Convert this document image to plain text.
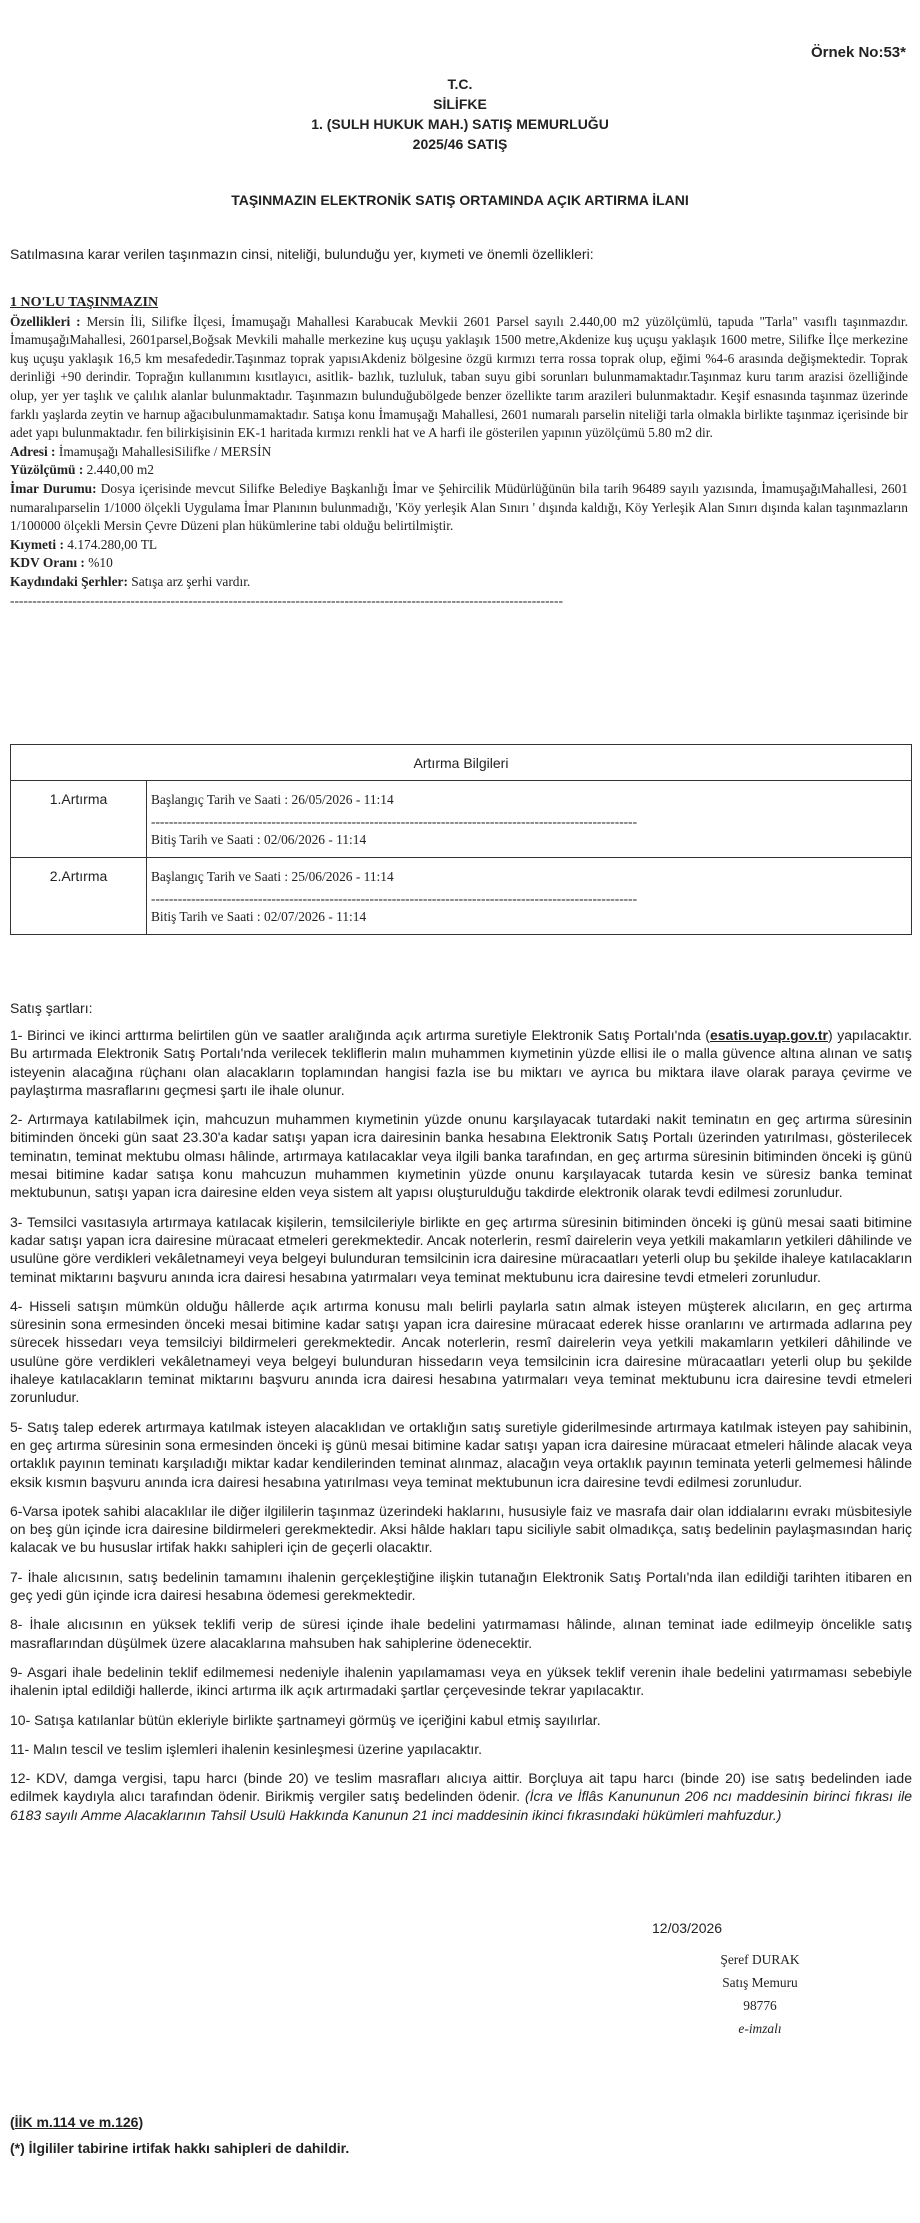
Örnek No:53*
T.C.
SİLİFKE
1. (SULH HUKUK MAH.) SATIŞ MEMURLUĞU
2025/46 SATIŞ
TAŞINMAZIN ELEKTRONİK SATIŞ ORTAMINDA AÇIK ARTIRMA İLANI
Satılmasına karar verilen taşınmazın cinsi, niteliği, bulunduğu yer, kıymeti ve önemli özellikleri:
1 NO'LU TAŞINMAZIN
Özellikleri : Mersin İli, Silifke İlçesi, İmamuşağı Mahallesi Karabucak Mevkii 2601 Parsel sayılı 2.440,00 m2 yüzölçümlü, tapuda "Tarla" vasıflı taşınmazdır. İmamuşağıMahallesi, 2601parsel,Boğsak Mevkili mahalle merkezine kuş uçuşu yaklaşık 1500 metre,Akdenize kuş uçuşu yaklaşık 1600 metre, Silifke İlçe merkezine kuş uçuşu yaklaşık 16,5 km mesafededir.Taşınmaz toprak yapısıAkdeniz bölgesine özgü kırmızı terra rossa toprak olup, eğimi %4-6 arasında değişmektedir. Toprak derinliği +90 derindir. Toprağın kullanımını kısıtlayıcı, asitlik- bazlık, tuzluluk, taban suyu gibi sorunları bulunmamaktadır.Taşınmaz kuru tarım arazisi özelliğinde olup, yer yer taşlık ve çalılık alanlar bulunmaktadır. Taşınmazın bulunduğubölgede benzer özellikte tarım arazileri bulunmaktadır. Keşif esnasında taşınmaz üzerinde farklı yaşlarda zeytin ve harnup ağacıbulunmamaktadır. Satışa konu İmamuşağı Mahallesi, 2601 numaralı parselin niteliği tarla olmakla birlikte taşınmaz içerisinde bir adet yapı bulunmaktadır. fen bilirkişisinin EK-1 haritada kırmızı renkli hat ve A harfi ile gösterilen yapının yüzölçümü 5.80 m2 dir.
Adresi : İmamuşağı MahallesiSilifke / MERSİN
Yüzölçümü : 2.440,00 m2
İmar Durumu: Dosya içerisinde mevcut Silifke Belediye Başkanlığı İmar ve Şehircilik Müdürlüğünün bila tarih 96489 sayılı yazısında, İmamuşağıMahallesi, 2601 numaralıparselin 1/1000 ölçekli Uygulama İmar Planının bulunmadığı, 'Köy yerleşik Alan Sınırı ' dışında kaldığı, Köy Yerleşik Alan Sınırı dışında kalan taşınmazların 1/100000 ölçekli Mersin Çevre Düzeni plan hükümlerine tabi olduğu belirtilmiştir.
Kıymeti : 4.174.280,00 TL
KDV Oranı : %10
Kaydındaki Şerhler: Satışa arz şerhi vardır.
----------------------------------------------------------------------------------------------------------------------------
Artırma Bilgileri	
1.Artırma	Başlangıç Tarih ve Saati : 26/05/2026 - 11:14
-------------------------------------------------------------------------------------------------------------
Bitiş Tarih ve Saati : 02/06/2026 - 11:14

2.Artırma	Başlangıç Tarih ve Saati : 25/06/2026 - 11:14
-------------------------------------------------------------------------------------------------------------
Bitiş Tarih ve Saati : 02/07/2026 - 11:14
Satış şartları:

1- Birinci ve ikinci arttırma belirtilen gün ve saatler aralığında açık artırma suretiyle Elektronik Satış Portalı'nda (esatis.uyap.gov.tr) yapılacaktır. Bu artırmada Elektronik Satış Portalı'nda verilecek tekliflerin malın muhammen kıymetinin yüzde ellisi ile o malla güvence altına alınan ve satış isteyenin alacağına rüçhanı olan alacakların toplamından hangisi fazla ise bu miktarı ve ayrıca bu miktara ilave olarak paraya çevirme ve paylaştırma masraflarını geçmesi şartı ile ihale olunur.

2- Artırmaya katılabilmek için, mahcuzun muhammen kıymetinin yüzde onunu karşılayacak tutardaki nakit teminatın en geç artırma süresinin bitiminden önceki gün saat 23.30'a kadar satışı yapan icra dairesinin banka hesabına Elektronik Satış Portalı üzerinden yatırılması, gösterilecek teminatın, teminat mektubu olması hâlinde, artırmaya katılacaklar veya ilgili banka tarafından, en geç artırma süresinin bitiminden önceki iş günü mesai bitimine kadar satışa konu mahcuzun muhammen kıymetinin yüzde onunu karşılayacak tutarda kesin ve süresiz banka teminat mektubunun, satışı yapan icra dairesine elden veya sistem alt yapısı oluşturulduğu takdirde elektronik olarak tevdi edilmesi zorunludur.

3- Temsilci vasıtasıyla artırmaya katılacak kişilerin, temsilcileriyle birlikte en geç artırma süresinin bitiminden önceki iş günü mesai saati bitimine kadar satışı yapan icra dairesine müracaat etmeleri gerekmektedir. Ancak noterlerin, resmî dairelerin veya yetkili makamların yetkileri dâhilinde ve usulüne göre verdikleri vekâletnameyi veya belgeyi bulunduran temsilcinin icra dairesine müracaatları yeterli olup bu şekilde ihaleye katılacakların teminat miktarını başvuru anında icra dairesi hesabına yatırmaları veya teminat mektubunu icra dairesine tevdi etmeleri zorunludur.

4- Hisseli satışın mümkün olduğu hâllerde açık artırma konusu malı belirli paylarla satın almak isteyen müşterek alıcıların, en geç artırma süresinin sona ermesinden önceki mesai bitimine kadar satışı yapan icra dairesine müracaat ederek hisse oranlarını ve artırmada adlarına pey sürecek hissedarı veya temsilciyi bildirmeleri gerekmektedir. Ancak noterlerin, resmî dairelerin veya yetkili makamların yetkileri dâhilinde ve usulüne göre verdikleri vekâletnameyi veya belgeyi bulunduran hissedarın veya temsilcinin icra dairesine müracaatları yeterli olup bu şekilde ihaleye katılacakların teminat miktarını başvuru anında icra dairesi hesabına yatırmaları veya teminat mektubunu icra dairesine tevdi etmeleri zorunludur.

5- Satış talep ederek artırmaya katılmak isteyen alacaklıdan ve ortaklığın satış suretiyle giderilmesinde artırmaya katılmak isteyen pay sahibinin, en geç artırma süresinin sona ermesinden önceki iş günü mesai bitimine kadar satışı yapan icra dairesine müracaat etmeleri hâlinde alacak veya ortaklık payının teminatı karşıladığı miktar kadar kendilerinden teminat alınmaz, alacağın veya ortaklık payının teminata yeterli gelmemesi hâlinde eksik kısmın başvuru anında icra dairesi hesabına yatırılması veya teminat mektubunun icra dairesine tevdi edilmesi zorunludur.

6-Varsa ipotek sahibi alacaklılar ile diğer ilgililerin taşınmaz üzerindeki haklarını, hususiyle faiz ve masrafa dair olan iddialarını evrakı müsbitesiyle on beş gün içinde icra dairesine bildirmeleri gerekmektedir. Aksi hâlde hakları tapu siciliyle sabit olmadıkça, satış bedelinin paylaşmasından hariç kalacak ve bu hususlar irtifak hakkı sahipleri için de geçerli olacaktır.

7- İhale alıcısının, satış bedelinin tamamını ihalenin gerçekleştiğine ilişkin tutanağın Elektronik Satış Portalı'nda ilan edildiği tarihten itibaren en geç yedi gün içinde icra dairesi hesabına ödemesi gerekmektedir.

8- İhale alıcısının en yüksek teklifi verip de süresi içinde ihale bedelini yatırmaması hâlinde, alınan teminat iade edilmeyip öncelikle satış masraflarından düşülmek üzere alacaklarına mahsuben hak sahiplerine ödenecektir.

9- Asgari ihale bedelinin teklif edilmemesi nedeniyle ihalenin yapılamaması veya en yüksek teklif verenin ihale bedelini yatırmaması sebebiyle ihalenin iptal edildiği hallerde, ikinci artırma ilk açık artırmadaki şartlar çerçevesinde tekrar yapılacaktır.

10- Satışa katılanlar bütün ekleriyle birlikte şartnameyi görmüş ve içeriğini kabul etmiş sayılırlar.

11- Malın tescil ve teslim işlemleri ihalenin kesinleşmesi üzerine yapılacaktır.

12- KDV, damga vergisi, tapu harcı (binde 20) ve teslim masrafları alıcıya aittir. Borçluya ait tapu harcı (binde 20) ise satış bedelinden iade edilmek kaydıyla alıcı tarafından ödenir. Birikmiş vergiler satış bedelinden ödenir. (İcra ve İflâs Kanununun 206 ncı maddesinin birinci fıkrası ile 6183 sayılı Amme Alacaklarının Tahsil Usulü Hakkında Kanunun 21 inci maddesinin ikinci fıkrasındaki hükümleri mahfuzdur.)

12/03/2026
Şeref DURAK
Satış Memuru
98776
e-imzalı
(İİK m.114 ve m.126)
(*) İlgililer tabirine irtifak hakkı sahipleri de dahildir.
